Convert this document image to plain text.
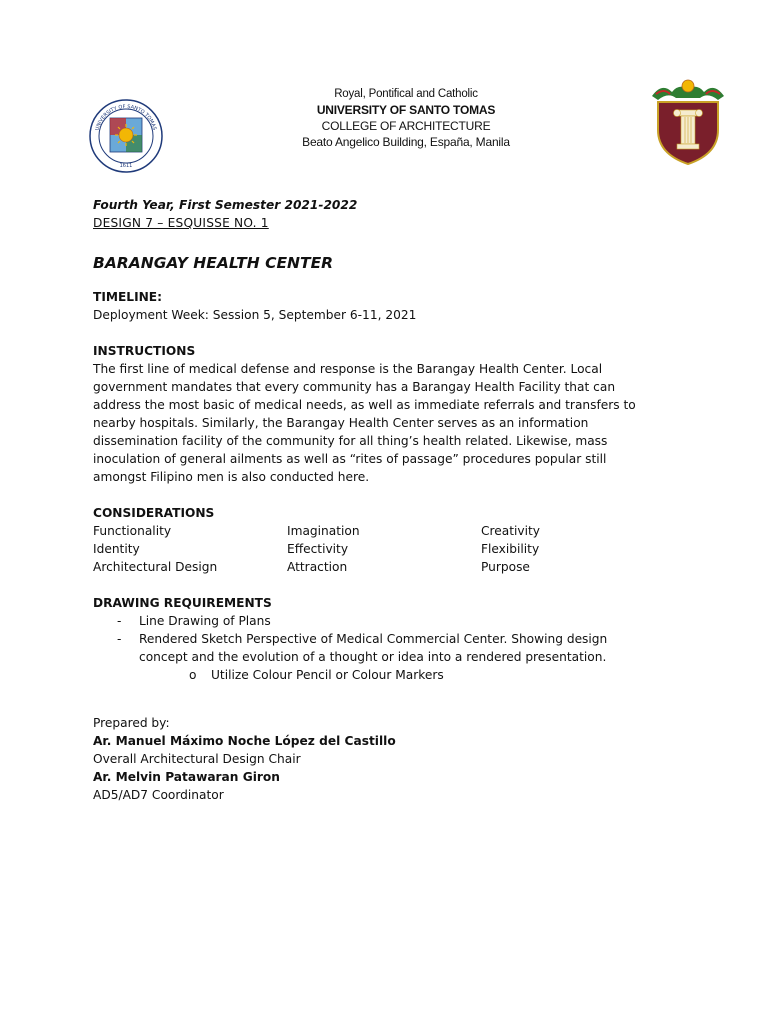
UNIVERSITY OF SANTO TOMAS
1611
Royal, Pontifical and Catholic
UNIVERSITY OF SANTO TOMAS
COLLEGE OF ARCHITECTURE
Beato Angelico Building, España, Manila
Fourth Year, First Semester 2021-2022
DESIGN 7 – ESQUISSE NO. 1
BARANGAY HEALTH CENTER
TIMELINE:
Deployment Week: Session 5, September 6-11, 2021
INSTRUCTIONS
The first line of medical defense and response is the Barangay Health Center. Local
government mandates that every community has a Barangay Health Facility that can
address the most basic of medical needs, as well as immediate referrals and transfers to
nearby hospitals. Similarly, the Barangay Health Center serves as an information
dissemination facility of the community for all thing’s health related. Likewise, mass
inoculation of general ailments as well as “rites of passage” procedures popular still
amongst Filipino men is also conducted here.
CONSIDERATIONS
Functionality	Imagination	Creativity
Identity	Effectivity	Flexibility
Architectural Design	Attraction	Purpose
DRAWING REQUIREMENTS
- Line Drawing of Plans
- Rendered Sketch Perspective of Medical Commercial Center. Showing design
concept and the evolution of a thought or idea into a rendered presentation.
o Utilize Colour Pencil or Colour Markers
Prepared by:
Ar. Manuel Máximo Noche López del Castillo
Overall Architectural Design Chair
Ar. Melvin Patawaran Giron
AD5/AD7 Coordinator
